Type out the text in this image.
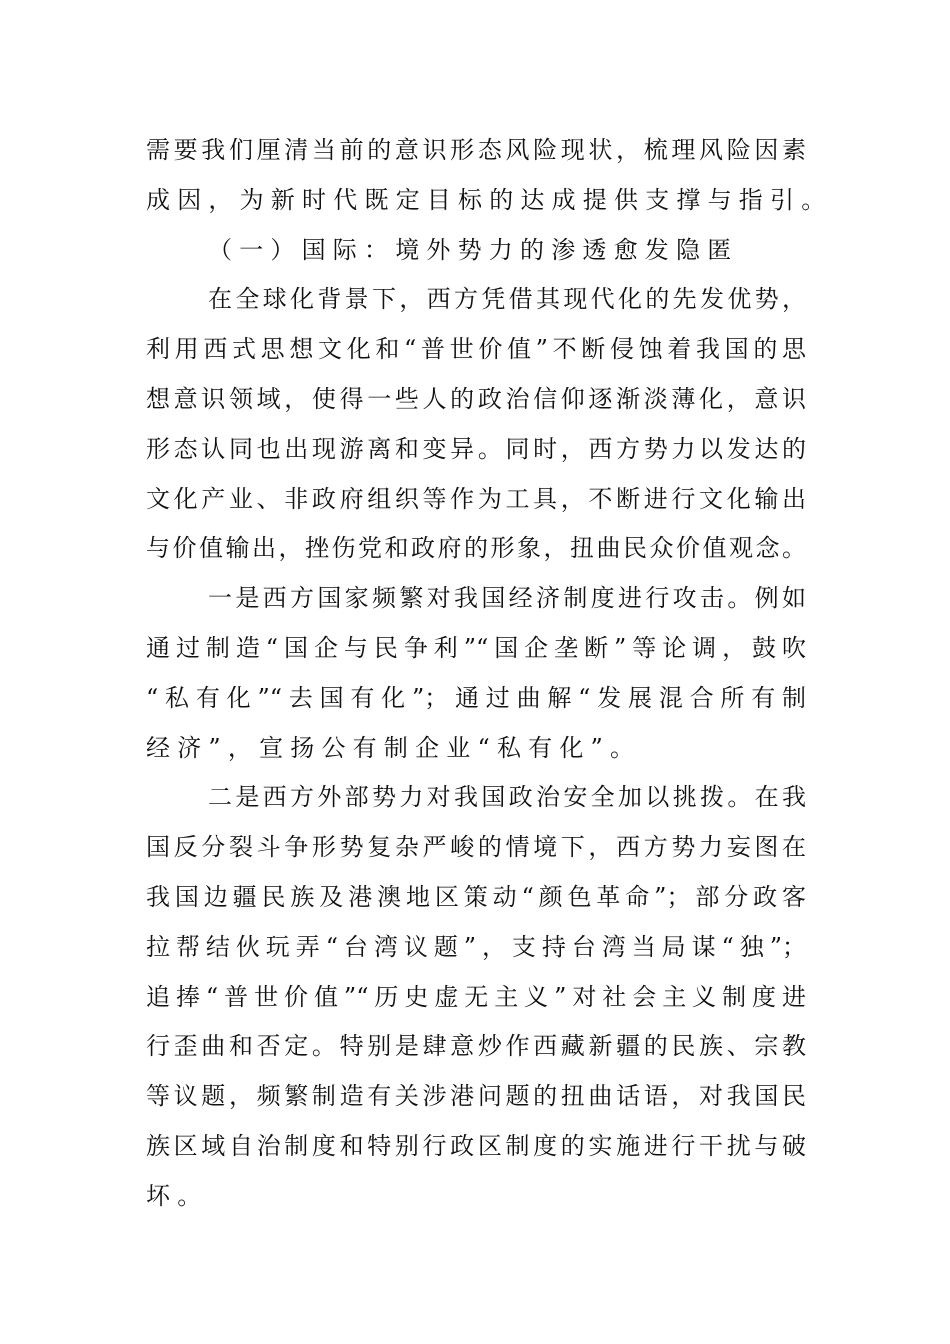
需要我们厘清当前的意识形态风险现状，梳理风险因素
成因，为新时代既定目标的达成提供支撑与指引。
（一）国际：境外势力的渗透愈发隐匿
在全球化背景下，西方凭借其现代化的先发优势，
利用西式思想文化和“普世价值”不断侵蚀着我国的思
想意识领域，使得一些人的政治信仰逐渐淡薄化，意识
形态认同也出现游离和变异。同时，西方势力以发达的
文化产业、非政府组织等作为工具，不断进行文化输出
与价值输出，挫伤党和政府的形象，扭曲民众价值观念。
一是西方国家频繁对我国经济制度进行攻击。例如
通过制造“国企与民争利”“国企垄断”等论调，鼓吹
“私有化”“去国有化”；通过曲解“发展混合所有制
经济”，宣扬公有制企业“私有化”。
二是西方外部势力对我国政治安全加以挑拨。在我
国反分裂斗争形势复杂严峻的情境下，西方势力妄图在
我国边疆民族及港澳地区策动“颜色革命”；部分政客
拉帮结伙玩弄“台湾议题”，支持台湾当局谋“独”；
追捧“普世价值”“历史虚无主义”对社会主义制度进
行歪曲和否定。特别是肆意炒作西藏新疆的民族、宗教
等议题，频繁制造有关涉港问题的扭曲话语，对我国民
族区域自治制度和特别行政区制度的实施进行干扰与破
坏。
